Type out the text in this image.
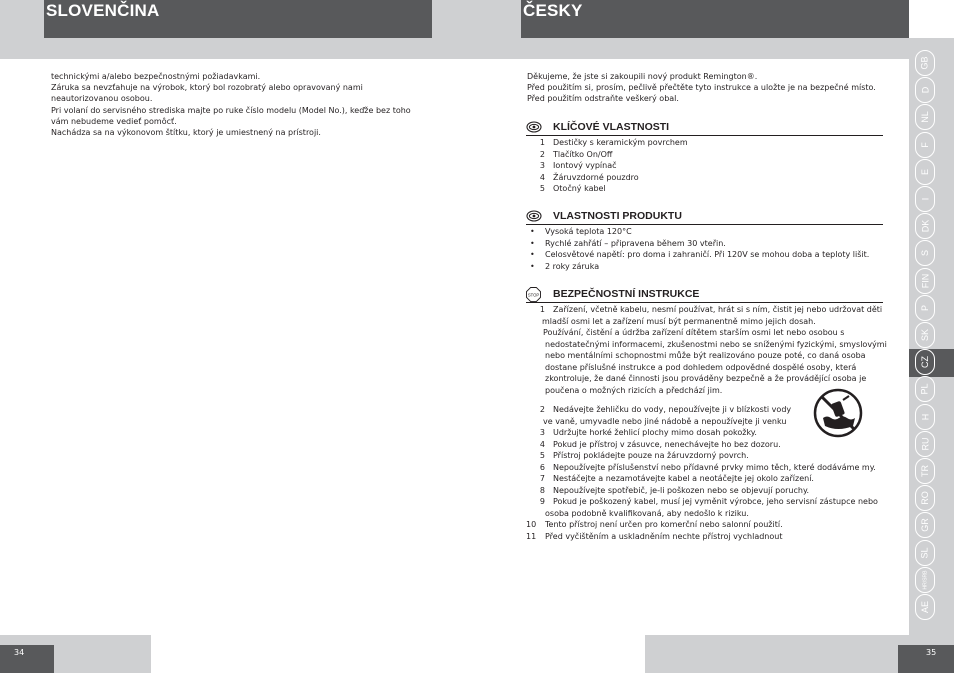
SLOVENČINA

technickými a/alebo bezpečnostnými požiadavkami.

Záruka sa nevzťahuje na výrobok, ktorý bol rozobratý alebo opravovaný nami

neautorizovanou osobou.

Pri volaní do servisného strediska majte po ruke číslo modelu (Model No.), keďže bez toho

vám nebudeme vedieť pomôcť.

Nachádza sa na výkonovom štítku, ktorý je umiestnený na prístroji.

34
ČESKY

Děkujeme, že jste si zakoupili nový produkt Remington®.

Před použitím si, prosím, pečlivě přečtěte tyto instrukce a uložte je na bezpečné místo.

Před použitím odstraňte veškerý obal.

KLÍČOVÉ VLASTNOSTI
1	Destičky s keramickým povrchem
2	Tlačítko On/Off
3	Iontový vypínač
4	Žáruvzdorné pouzdro
5	Otočný kabel
VLASTNOSTI PRODUKTU
•	Vysoká teplota 120°C
•	Rychlé zahřátí – připravena během 30 vteřin.
•	Celosvětové napětí: pro doma i zahraničí. Při 120V se mohou doba a teploty lišit.
•	2 roky záruka
STOP BEZPEČNOSTNÍ INSTRUKCE
1	Zařízení, včetně kabelu, nesmí používat, hrát si s ním, čistit jej nebo udržovat děti
mladší osmi let a zařízení musí být permanentně mimo jejich dosah.
Používání, čistění a údržba zařízení dítětem starším osmi let nebo osobou s
nedostatečnými informacemi, zkušenostmi nebo se sníženými fyzickými, smyslovými
nebo mentálními schopnostmi může být realizováno pouze poté, co daná osoba
dostane příslušné instrukce a pod dohledem odpovědné dospělé osoby, která
zkontroluje, že dané činnosti jsou prováděny bezpečně a že provádějící osoba je
poučena o možných rizicích a předchází jim.
2	Nedávejte žehličku do vody, nepoužívejte ji v blízkosti vody
ve vaně, umyvadle nebo jiné nádobě a nepoužívejte ji venku
3	Udržujte horké žehlicí plochy mimo dosah pokožky.
4	Pokud je přístroj v zásuvce, nenechávejte ho bez dozoru.
5	Přístroj pokládejte pouze na žáruvzdorný povrch.
6	Nepoužívejte příslušenství nebo přídavné prvky mimo těch, které dodáváme my.
7	Nestáčejte a nezamotávejte kabel a neotáčejte jej okolo zařízení.
8	Nepoužívejte spotřebič, je-li poškozen nebo se objevují poruchy.
9	Pokud je poškozený kabel, musí jej vyměnit výrobce, jeho servisní zástupce nebo
osoba podobně kvalifikovaná, aby nedošlo k riziku.
10	Tento přístroj není určen pro komerční nebo salonní použití.
11	Před vyčištěním a uskladněním nechte přístroj vychladnout
GB
D
NL
F
E
I
DK
S
FIN
P
SK
CZ
PL
H
RU
TR
RO
GR
SL
HR/SRB
AE
35
